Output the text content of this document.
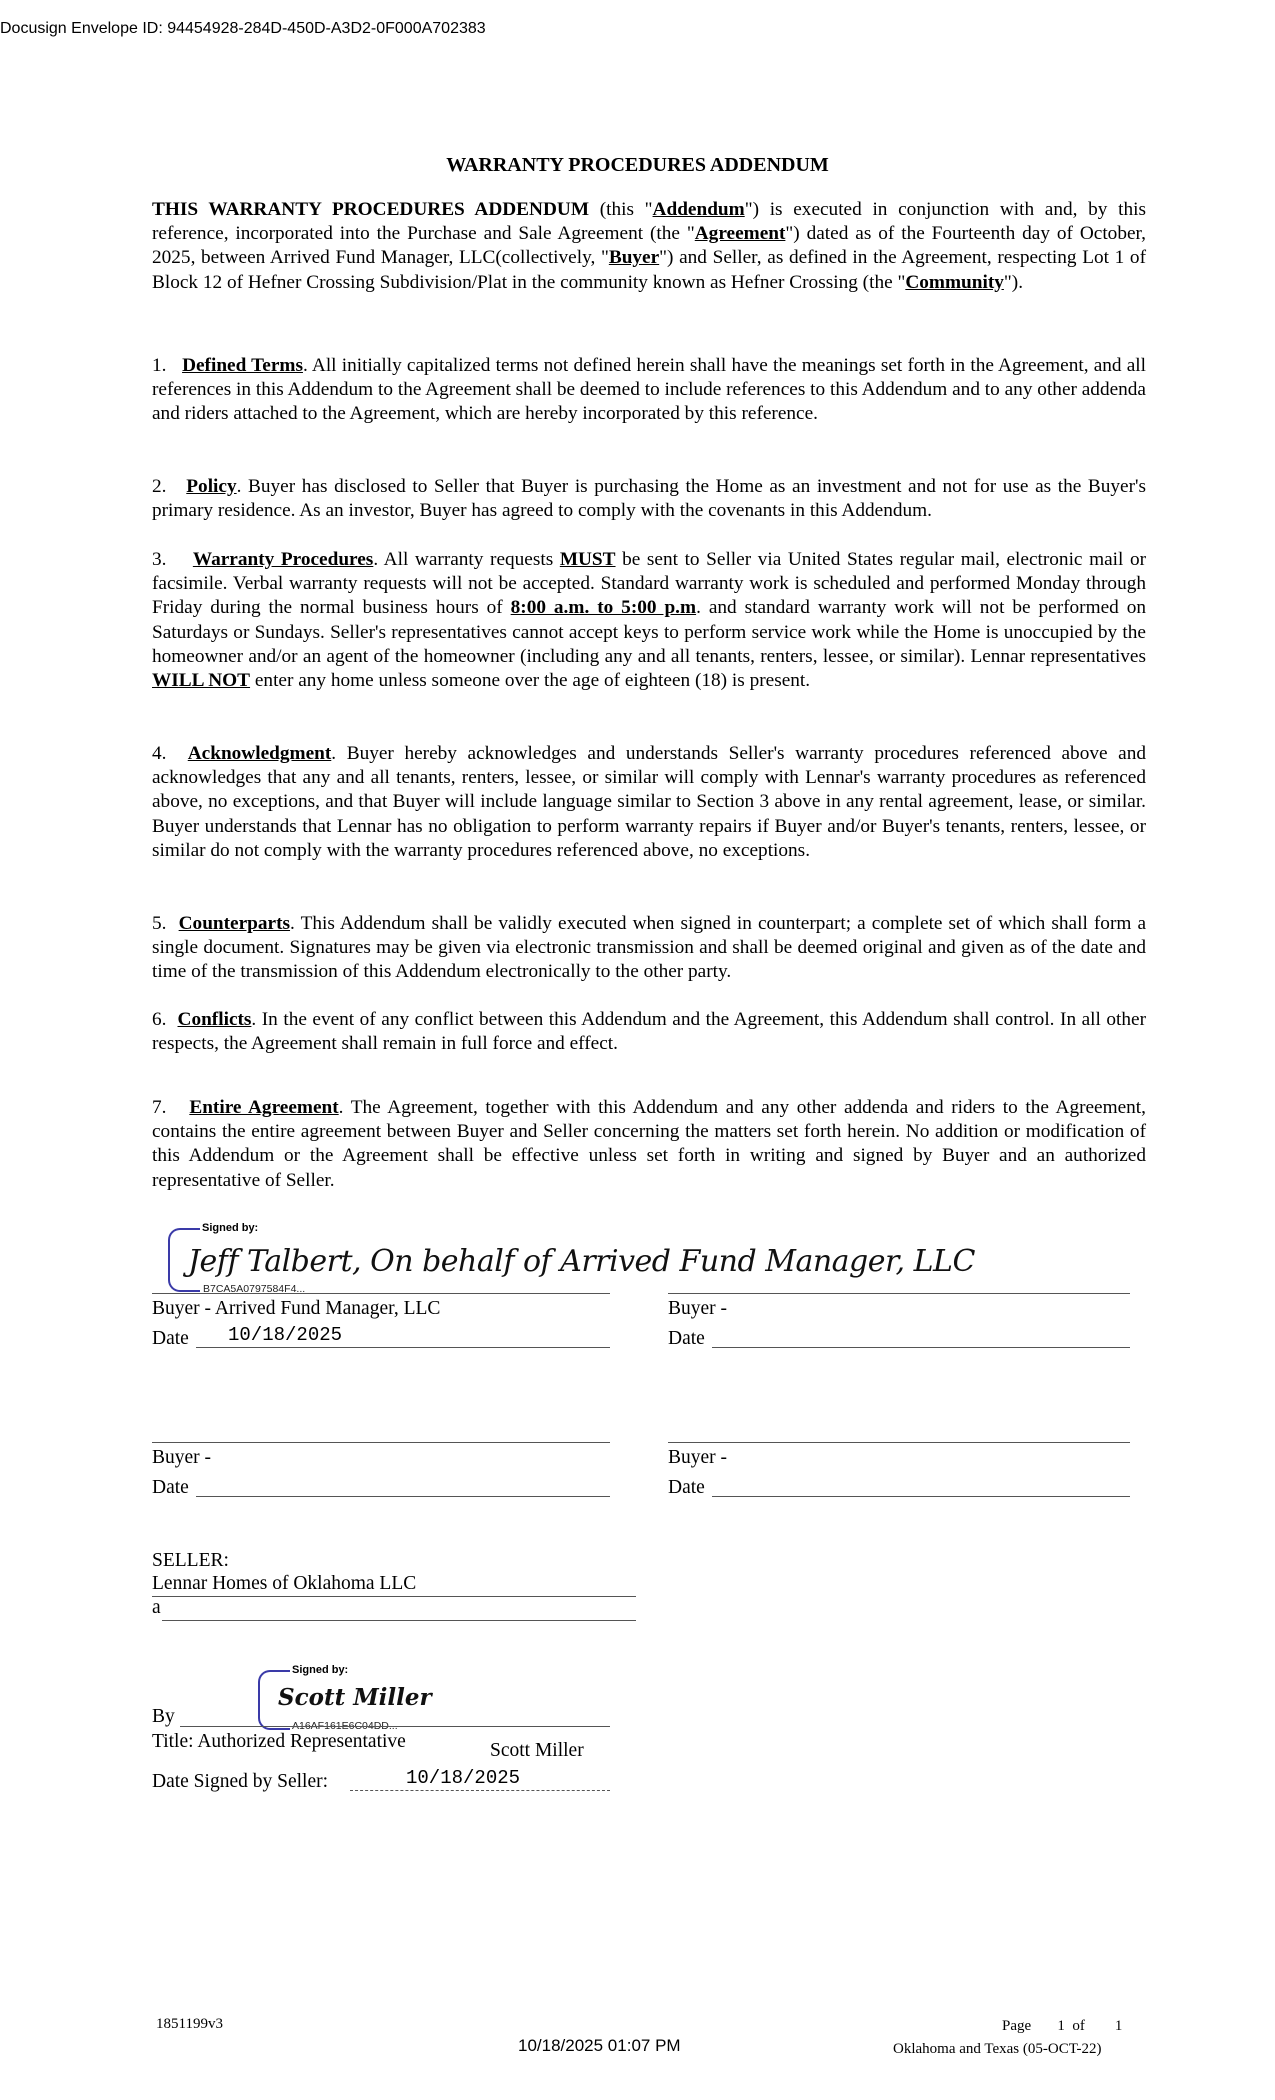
Docusign Envelope ID: 94454928-284D-450D-A3D2-0F000A702383
WARRANTY PROCEDURES ADDENDUM
THIS WARRANTY PROCEDURES ADDENDUM (this "Addendum") is executed in conjunction with and, by this reference, incorporated into the Purchase and Sale Agreement (the "Agreement") dated as of the Fourteenth day of October, 2025, between Arrived Fund Manager, LLC(collectively, "Buyer") and Seller, as defined in the Agreement, respecting Lot 1 of Block 12 of Hefner Crossing Subdivision/Plat in the community known as Hefner Crossing (the "Community").
1. Defined Terms. All initially capitalized terms not defined herein shall have the meanings set forth in the Agreement, and all references in this Addendum to the Agreement shall be deemed to include references to this Addendum and to any other addenda and riders attached to the Agreement, which are hereby incorporated by this reference.
2. Policy. Buyer has disclosed to Seller that Buyer is purchasing the Home as an investment and not for use as the Buyer's primary residence. As an investor, Buyer has agreed to comply with the covenants in this Addendum.
3. Warranty Procedures. All warranty requests MUST be sent to Seller via United States regular mail, electronic mail or facsimile. Verbal warranty requests will not be accepted. Standard warranty work is scheduled and performed Monday through Friday during the normal business hours of 8:00 a.m. to 5:00 p.m. and standard warranty work will not be performed on Saturdays or Sundays. Seller's representatives cannot accept keys to perform service work while the Home is unoccupied by the homeowner and/or an agent of the homeowner (including any and all tenants, renters, lessee, or similar). Lennar representatives WILL NOT enter any home unless someone over the age of eighteen (18) is present.
4. Acknowledgment. Buyer hereby acknowledges and understands Seller's warranty procedures referenced above and acknowledges that any and all tenants, renters, lessee, or similar will comply with Lennar's warranty procedures as referenced above, no exceptions, and that Buyer will include language similar to Section 3 above in any rental agreement, lease, or similar. Buyer understands that Lennar has no obligation to perform warranty repairs if Buyer and/or Buyer's tenants, renters, lessee, or similar do not comply with the warranty procedures referenced above, no exceptions.
5. Counterparts. This Addendum shall be validly executed when signed in counterpart; a complete set of which shall form a single document. Signatures may be given via electronic transmission and shall be deemed original and given as of the date and time of the transmission of this Addendum electronically to the other party.
6. Conflicts. In the event of any conflict between this Addendum and the Agreement, this Addendum shall control. In all other respects, the Agreement shall remain in full force and effect.
7. Entire Agreement. The Agreement, together with this Addendum and any other addenda and riders to the Agreement, contains the entire agreement between Buyer and Seller concerning the matters set forth herein. No addition or modification of this Addendum or the Agreement shall be effective unless set forth in writing and signed by Buyer and an authorized representative of Seller.
Signed by:
Jeff Talbert, On behalf of Arrived Fund Manager, LLC
B7CA5A0797584F4...
Buyer - Arrived Fund Manager, LLC
Date 10/18/2025
Buyer -
Date
Buyer -
Date
Buyer -
Date
SELLER:
Lennar Homes of Oklahoma LLC
a
Signed by:
Scott Miller
A16AF161E6C04DD...
By
Title: Authorized Representative	Scott Miller
Date Signed by Seller:	10/18/2025
1851199v3	Page 1 of 1
10/18/2025 01:07 PM	Oklahoma and Texas (05-OCT-22)
